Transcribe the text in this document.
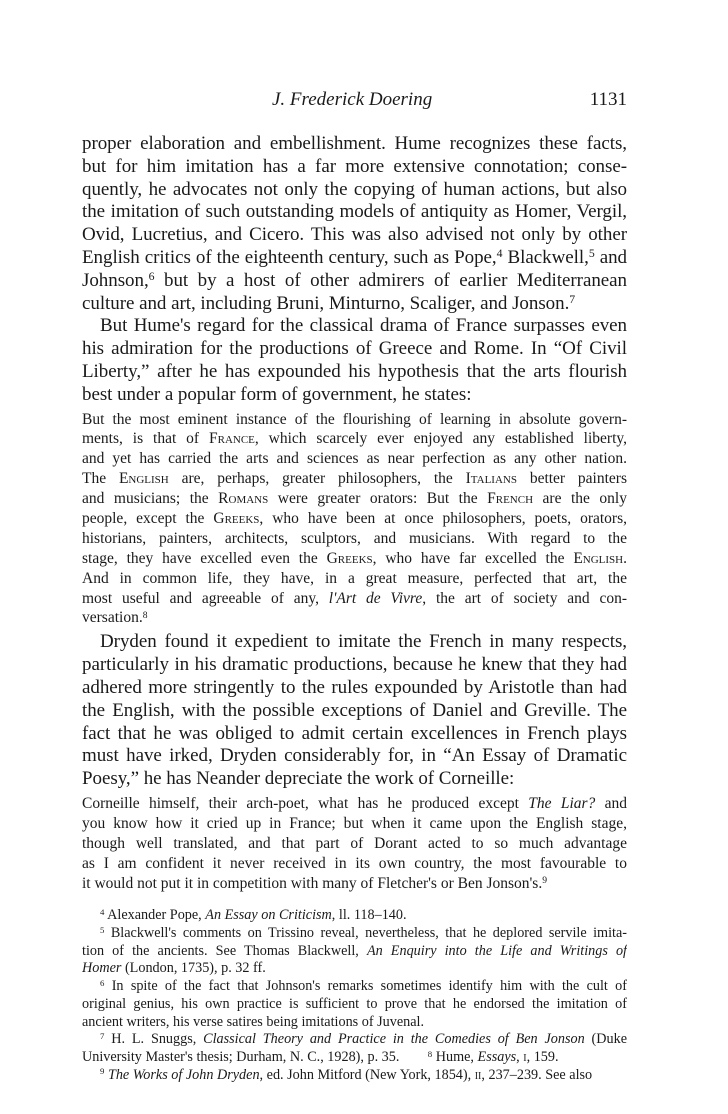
J. Frederick Doering	1131
proper elaboration and embellishment. Hume recognizes these facts,
but for him imitation has a far more extensive connotation; conse-
quently, he advocates not only the copying of human actions, but also
the imitation of such outstanding models of antiquity as Homer, Vergil,
Ovid, Lucretius, and Cicero. This was also advised not only by other
English critics of the eighteenth century, such as Pope,$^4$ Blackwell,$^5$ and
Johnson,$^6$ but by a host of other admirers of earlier Mediterranean
culture and art, including Bruni, Minturno, Scaliger, and Jonson.$^7$
But Hume's regard for the classical drama of France surpasses even
his admiration for the productions of Greece and Rome. In “Of Civil
Liberty,” after he has expounded his hypothesis that the arts flourish
best under a popular form of government, he states:
But the most eminent instance of the flourishing of learning in absolute govern-
ments, is that of France, which scarcely ever enjoyed any established liberty,
and yet has carried the arts and sciences as near perfection as any other nation.
The English are, perhaps, greater philosophers, the Italians better painters
and musicians; the Romans were greater orators: But the French are the only
people, except the Greeks, who have been at once philosophers, poets, orators,
historians, painters, architects, sculptors, and musicians. With regard to the
stage, they have excelled even the Greeks, who have far excelled the English.
And in common life, they have, in a great measure, perfected that art, the
most useful and agreeable of any, l'Art de Vivre, the art of society and con-
versation.$^8$
Dryden found it expedient to imitate the French in many respects,
particularly in his dramatic productions, because he knew that they had
adhered more stringently to the rules expounded by Aristotle than had
the English, with the possible exceptions of Daniel and Greville. The
fact that he was obliged to admit certain excellences in French plays
must have irked, Dryden considerably for, in “An Essay of Dramatic
Poesy,” he has Neander depreciate the work of Corneille:
Corneille himself, their arch-poet, what has he produced except The Liar? and
you know how it cried up in France; but when it came upon the English stage,
though well translated, and that part of Dorant acted to so much advantage
as I am confident it never received in its own country, the most favourable to
it would not put it in competition with many of Fletcher's or Ben Jonson's.$^9$
$^4$ Alexander Pope, An Essay on Criticism, ll. 118–140.
$^5$ Blackwell's comments on Trissino reveal, nevertheless, that he deplored servile imita-
tion of the ancients. See Thomas Blackwell, An Enquiry into the Life and Writings of
Homer (London, 1735), p. 32 ff.
$^6$ In spite of the fact that Johnson's remarks sometimes identify him with the cult of
original genius, his own practice is sufficient to prove that he endorsed the imitation of
ancient writers, his verse satires being imitations of Juvenal.
$^7$ H. L. Snuggs, Classical Theory and Practice in the Comedies of Ben Jonson (Duke
University Master's thesis; Durham, N. C., 1928), p. 35.	$^8$ Hume, Essays, i, 159.
$^9$ The Works of John Dryden, ed. John Mitford (New York, 1854), ii, 237–239. See also
